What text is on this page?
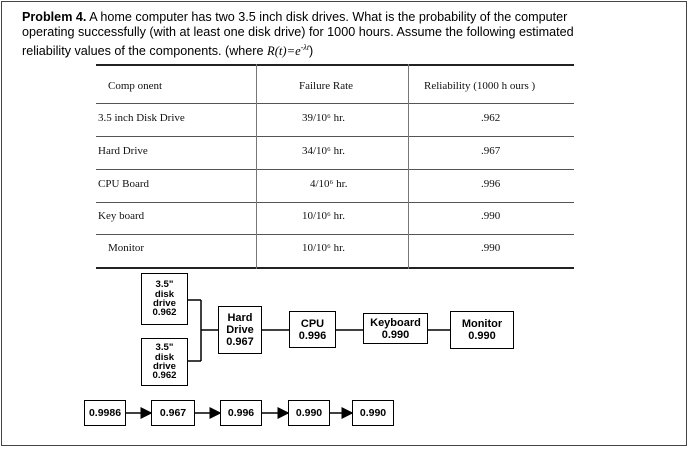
Problem 4. A home computer has two 3.5 inch disk drives. What is the probability of the computer
operating successfully (with at least one disk drive) for 1000 hours. Assume the following estimated
reliability values of the components. (where $R(t)=e^{-\lambda t}$)
Comp onent	Failure Rate	Reliability (1000 h ours )
3.5 inch Disk Drive	39/10⁶ hr.	.962
Hard Drive	34/10⁶ hr.	.967
CPU Board	4/10⁶ hr.	.996
Key board	10/10⁶ hr.	.990
Monitor	10/10⁶ hr.	.990
3.5"
disk
drive
0.962
3.5"
disk
drive
0.962
Hard
Drive
0.967
CPU
0.996
Keyboard
0.990
Monitor
0.990
0.9986	0.967	0.996	0.990	0.990
